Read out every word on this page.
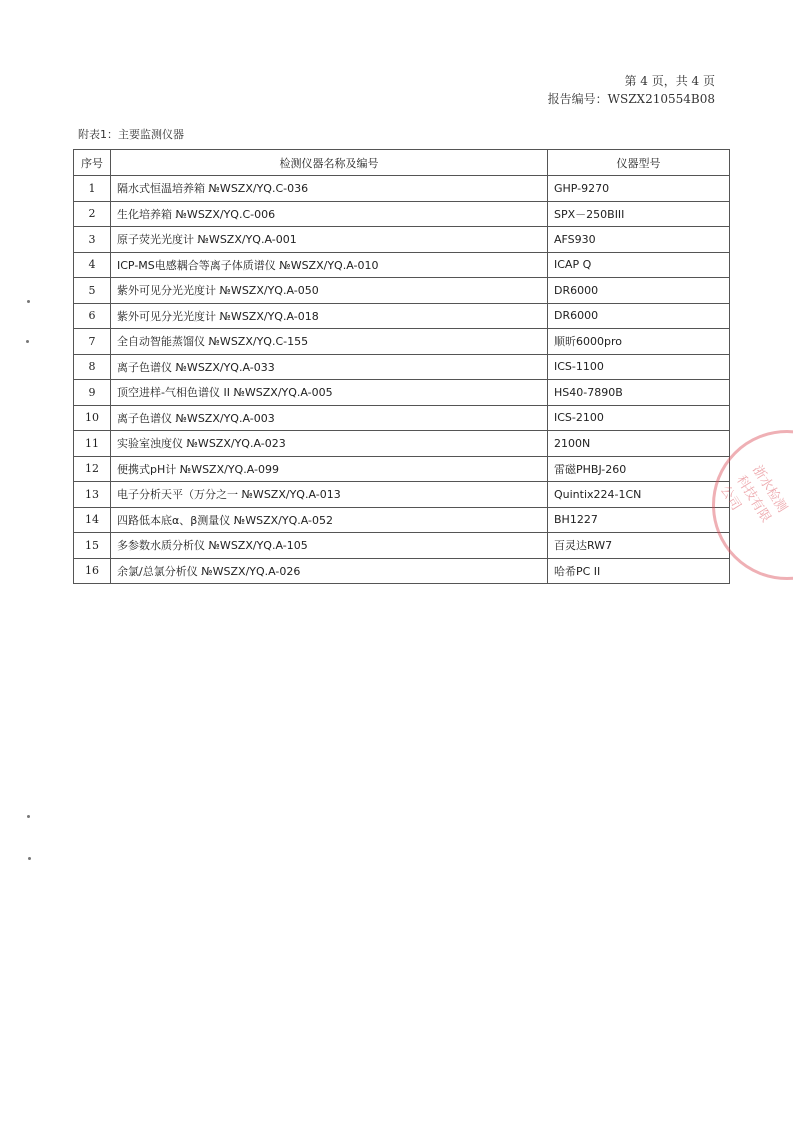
第 4 页，共 4 页
报告编号：WSZX210554B08
附表1：主要监测仪器
序号	检测仪器名称及编号	仪器型号
1	隔水式恒温培养箱 №WSZX/YQ.C-036	GHP-9270
2	生化培养箱 №WSZX/YQ.C-006	SPX－250BIII
3	原子荧光光度计 №WSZX/YQ.A-001	AFS930
4	ICP-MS电感耦合等离子体质谱仪 №WSZX/YQ.A-010	ICAP Q
5	紫外可见分光光度计 №WSZX/YQ.A-050	DR6000
6	紫外可见分光光度计 №WSZX/YQ.A-018	DR6000
7	全自动智能蒸馏仪 №WSZX/YQ.C-155	顺昕6000pro
8	离子色谱仪 №WSZX/YQ.A-033	ICS-1100
9	顶空进样-气相色谱仪 II №WSZX/YQ.A-005	HS40-7890B
10	离子色谱仪 №WSZX/YQ.A-003	ICS-2100
11	实验室浊度仪 №WSZX/YQ.A-023	2100N
12	便携式pH计 №WSZX/YQ.A-099	雷磁PHBJ-260
13	电子分析天平（万分之一 №WSZX/YQ.A-013	Quintix224-1CN
14	四路低本底α、β测量仪 №WSZX/YQ.A-052	BH1227
15	多参数水质分析仪 №WSZX/YQ.A-105	百灵达RW7
16	余氯/总氯分析仪 №WSZX/YQ.A-026	哈希PC II
浙水检测科技有限公司
